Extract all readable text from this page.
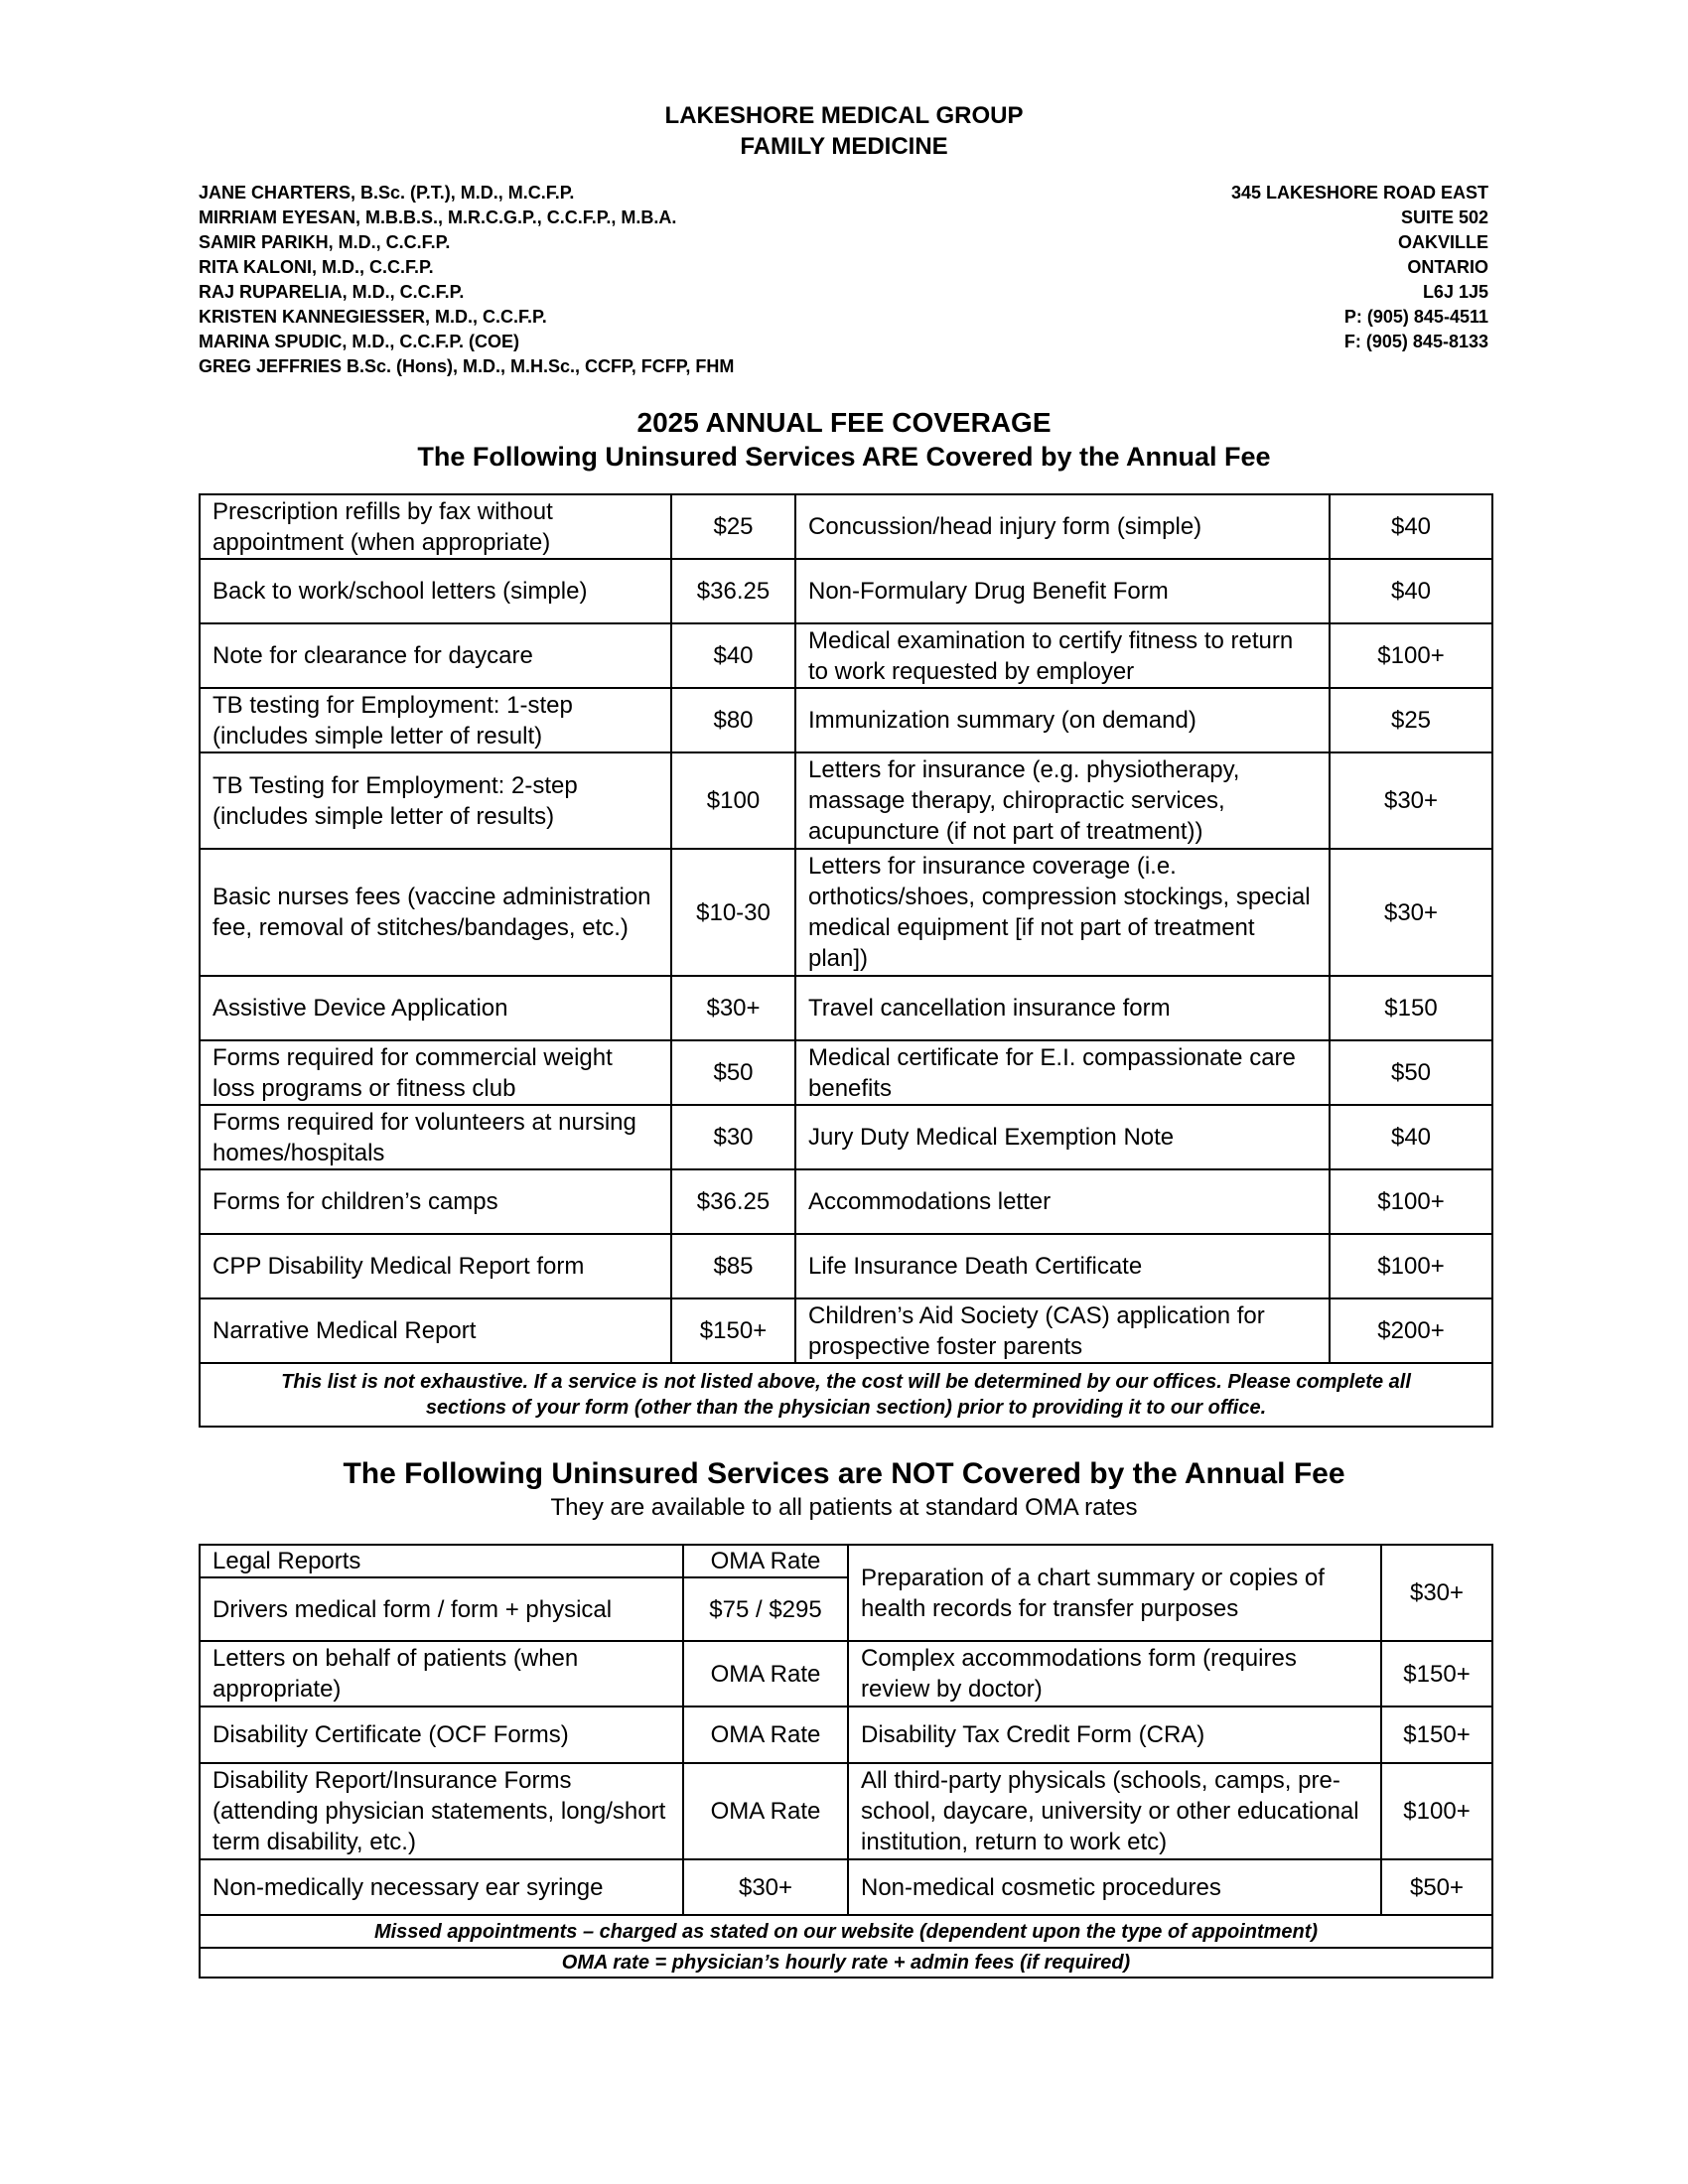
LAKESHORE MEDICAL GROUP
FAMILY MEDICINE
JANE CHARTERS, B.Sc. (P.T.), M.D., M.C.F.P.
MIRRIAM EYESAN, M.B.B.S., M.R.C.G.P., C.C.F.P., M.B.A.
SAMIR PARIKH, M.D., C.C.F.P.
RITA KALONI, M.D., C.C.F.P.
RAJ RUPARELIA, M.D., C.C.F.P.
KRISTEN KANNEGIESSER, M.D., C.C.F.P.
MARINA SPUDIC, M.D., C.C.F.P. (COE)
GREG JEFFRIES B.Sc. (Hons), M.D., M.H.Sc., CCFP, FCFP, FHM
345 LAKESHORE ROAD EAST
SUITE 502
OAKVILLE
ONTARIO
L6J 1J5
P: (905) 845-4511
F: (905) 845-8133
2025 ANNUAL FEE COVERAGE
The Following Uninsured Services ARE Covered by the Annual Fee
Prescription refills by fax without appointment (when appropriate)	$25	Concussion/head injury form (simple)	$40
Back to work/school letters (simple)	$36.25	Non-Formulary Drug Benefit Form	$40
Note for clearance for daycare	$40	Medical examination to certify fitness to return to work requested by employer	$100+
TB testing for Employment: 1-step (includes simple letter of result)	$80	Immunization summary (on demand)	$25
TB Testing for Employment: 2-step (includes simple letter of results)	$100	Letters for insurance (e.g. physiotherapy, massage therapy, chiropractic services, acupuncture (if not part of treatment))	$30+
Basic nurses fees (vaccine administration fee, removal of stitches/bandages, etc.)	$10-30	Letters for insurance coverage (i.e. orthotics/shoes, compression stockings, special medical equipment [if not part of treatment plan])	$30+
Assistive Device Application	$30+	Travel cancellation insurance form	$150
Forms required for commercial weight loss programs or fitness club	$50	Medical certificate for E.I. compassionate care benefits	$50
Forms required for volunteers at nursing homes/hospitals	$30	Jury Duty Medical Exemption Note	$40
Forms for children’s camps	$36.25	Accommodations letter	$100+
CPP Disability Medical Report form	$85	Life Insurance Death Certificate	$100+
Narrative Medical Report	$150+	Children’s Aid Society (CAS) application for prospective foster parents	$200+
This list is not exhaustive. If a service is not listed above, the cost will be determined by our offices. Please complete all sections of your form (other than the physician section) prior to providing it to our office.			
The Following Uninsured Services are NOT Covered by the Annual Fee
They are available to all patients at standard OMA rates
Legal Reports	OMA Rate	Preparation of a chart summary or copies of health records for transfer purposes	$30+
Drivers medical form / form + physical	$75 / $295		
Letters on behalf of patients (when appropriate)	OMA Rate	Complex accommodations form (requires review by doctor)	$150+
Disability Certificate (OCF Forms)	OMA Rate	Disability Tax Credit Form (CRA)	$150+
Disability Report/Insurance Forms (attending physician statements, long/short term disability, etc.)	OMA Rate	All third-party physicals (schools, camps, pre-school, daycare, university or other educational institution, return to work etc)	$100+
Non-medically necessary ear syringe	$30+	Non-medical cosmetic procedures	$50+
Missed appointments – charged as stated on our website (dependent upon the type of appointment)			
OMA rate = physician’s hourly rate + admin fees (if required)			
